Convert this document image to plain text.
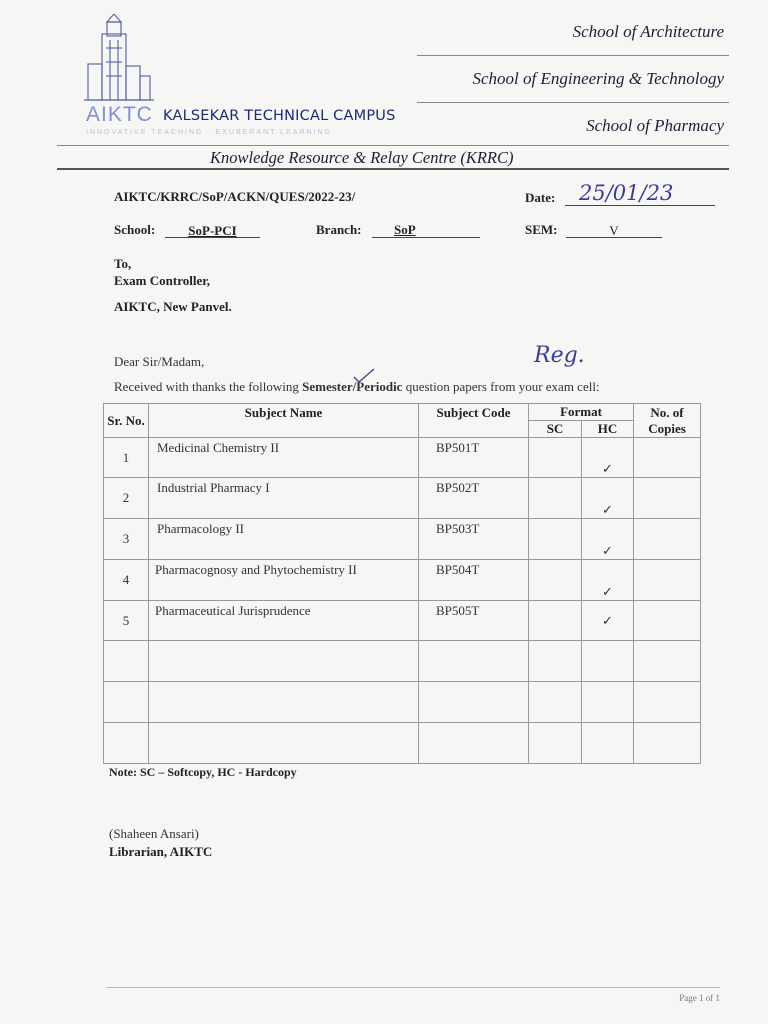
AIKTC KALSEKAR TECHNICAL CAMPUS
INNOVATIVE TEACHING · EXUBERANT LEARNING
School of Architecture
School of Engineering & Technology
School of Pharmacy
Knowledge Resource & Relay Centre (KRRC)
AIKTC/KRRC/SoP/ACKN/QUES/2022-23/	Date: 25/01/23
School:	SoP-PCI	Branch:	SoP	SEM:	V
To,
Exam Controller,
AIKTC, New Panvel.
Dear Sir/Madam,	Reg.
Received with thanks the following Semester/Periodic question papers from your exam cell:
Sr. No.	Subject Name	Subject Code	Format		No. of Copies
			SC	HC	
1	Medicinal Chemistry II	BP501T		✓	
2	Industrial Pharmacy I	BP502T		✓	
3	Pharmacology II	BP503T		✓	
4	Pharmacognosy and Phytochemistry II	BP504T		✓	
5	Pharmaceutical Jurisprudence	BP505T		✓	

Note: SC – Softcopy, HC - Hardcopy
(Shaheen Ansari)
Librarian, AIKTC
Page 1 of 1
